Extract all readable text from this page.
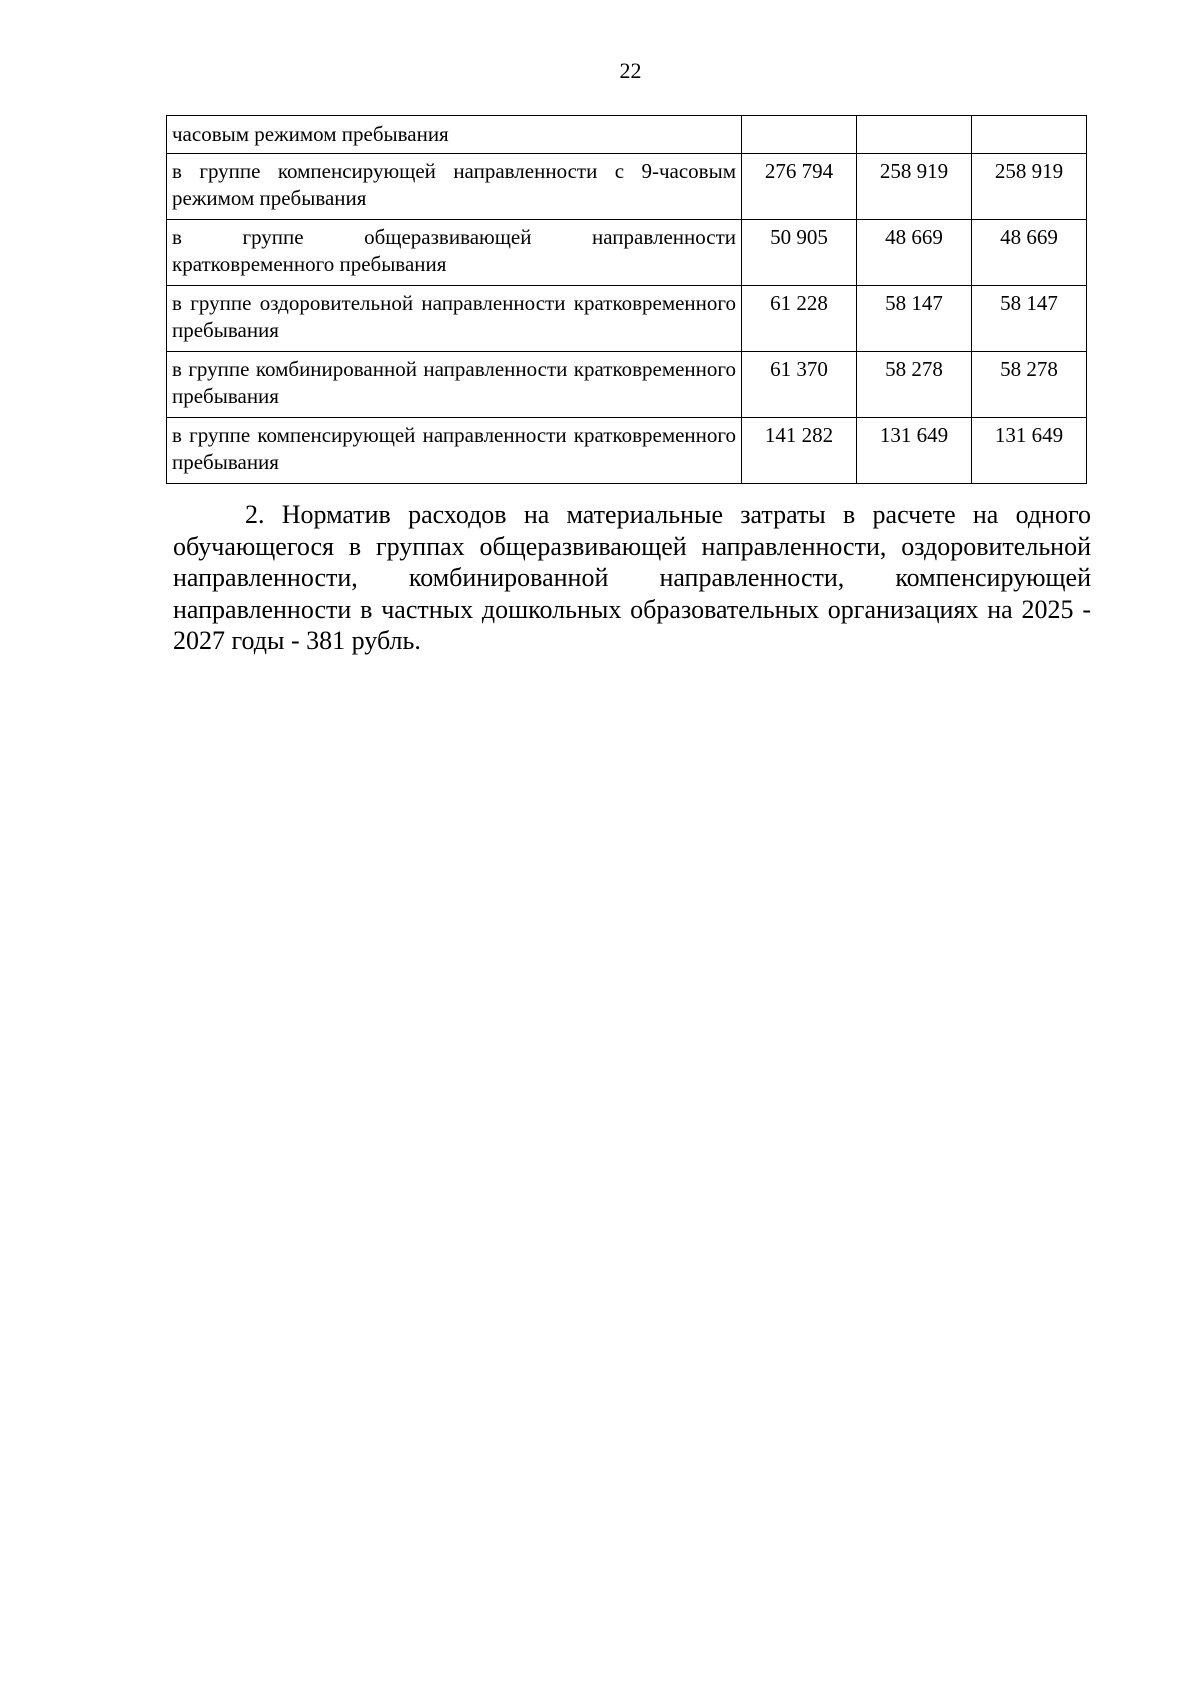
22
часовым режимом пребывания			
в группе компенсирующей направленности с 9-часовым режимом пребывания	276 794	258 919	258 919
в группе общеразвивающей направленности кратковременного пребывания	50 905	48 669	48 669
в группе оздоровительной направленности кратковременного пребывания	61 228	58 147	58 147
в группе комбинированной направленности кратковременного пребывания	61 370	58 278	58 278
в группе компенсирующей направленности кратковременного пребывания	141 282	131 649	131 649

2. Норматив расходов на материальные затраты в расчете на одного обучающегося в группах общеразвивающей направленности, оздоровительной направленности, комбинированной направленности, компенсирующей направленности в частных дошкольных образовательных организациях на 2025 - 2027 годы - 381 рубль.
